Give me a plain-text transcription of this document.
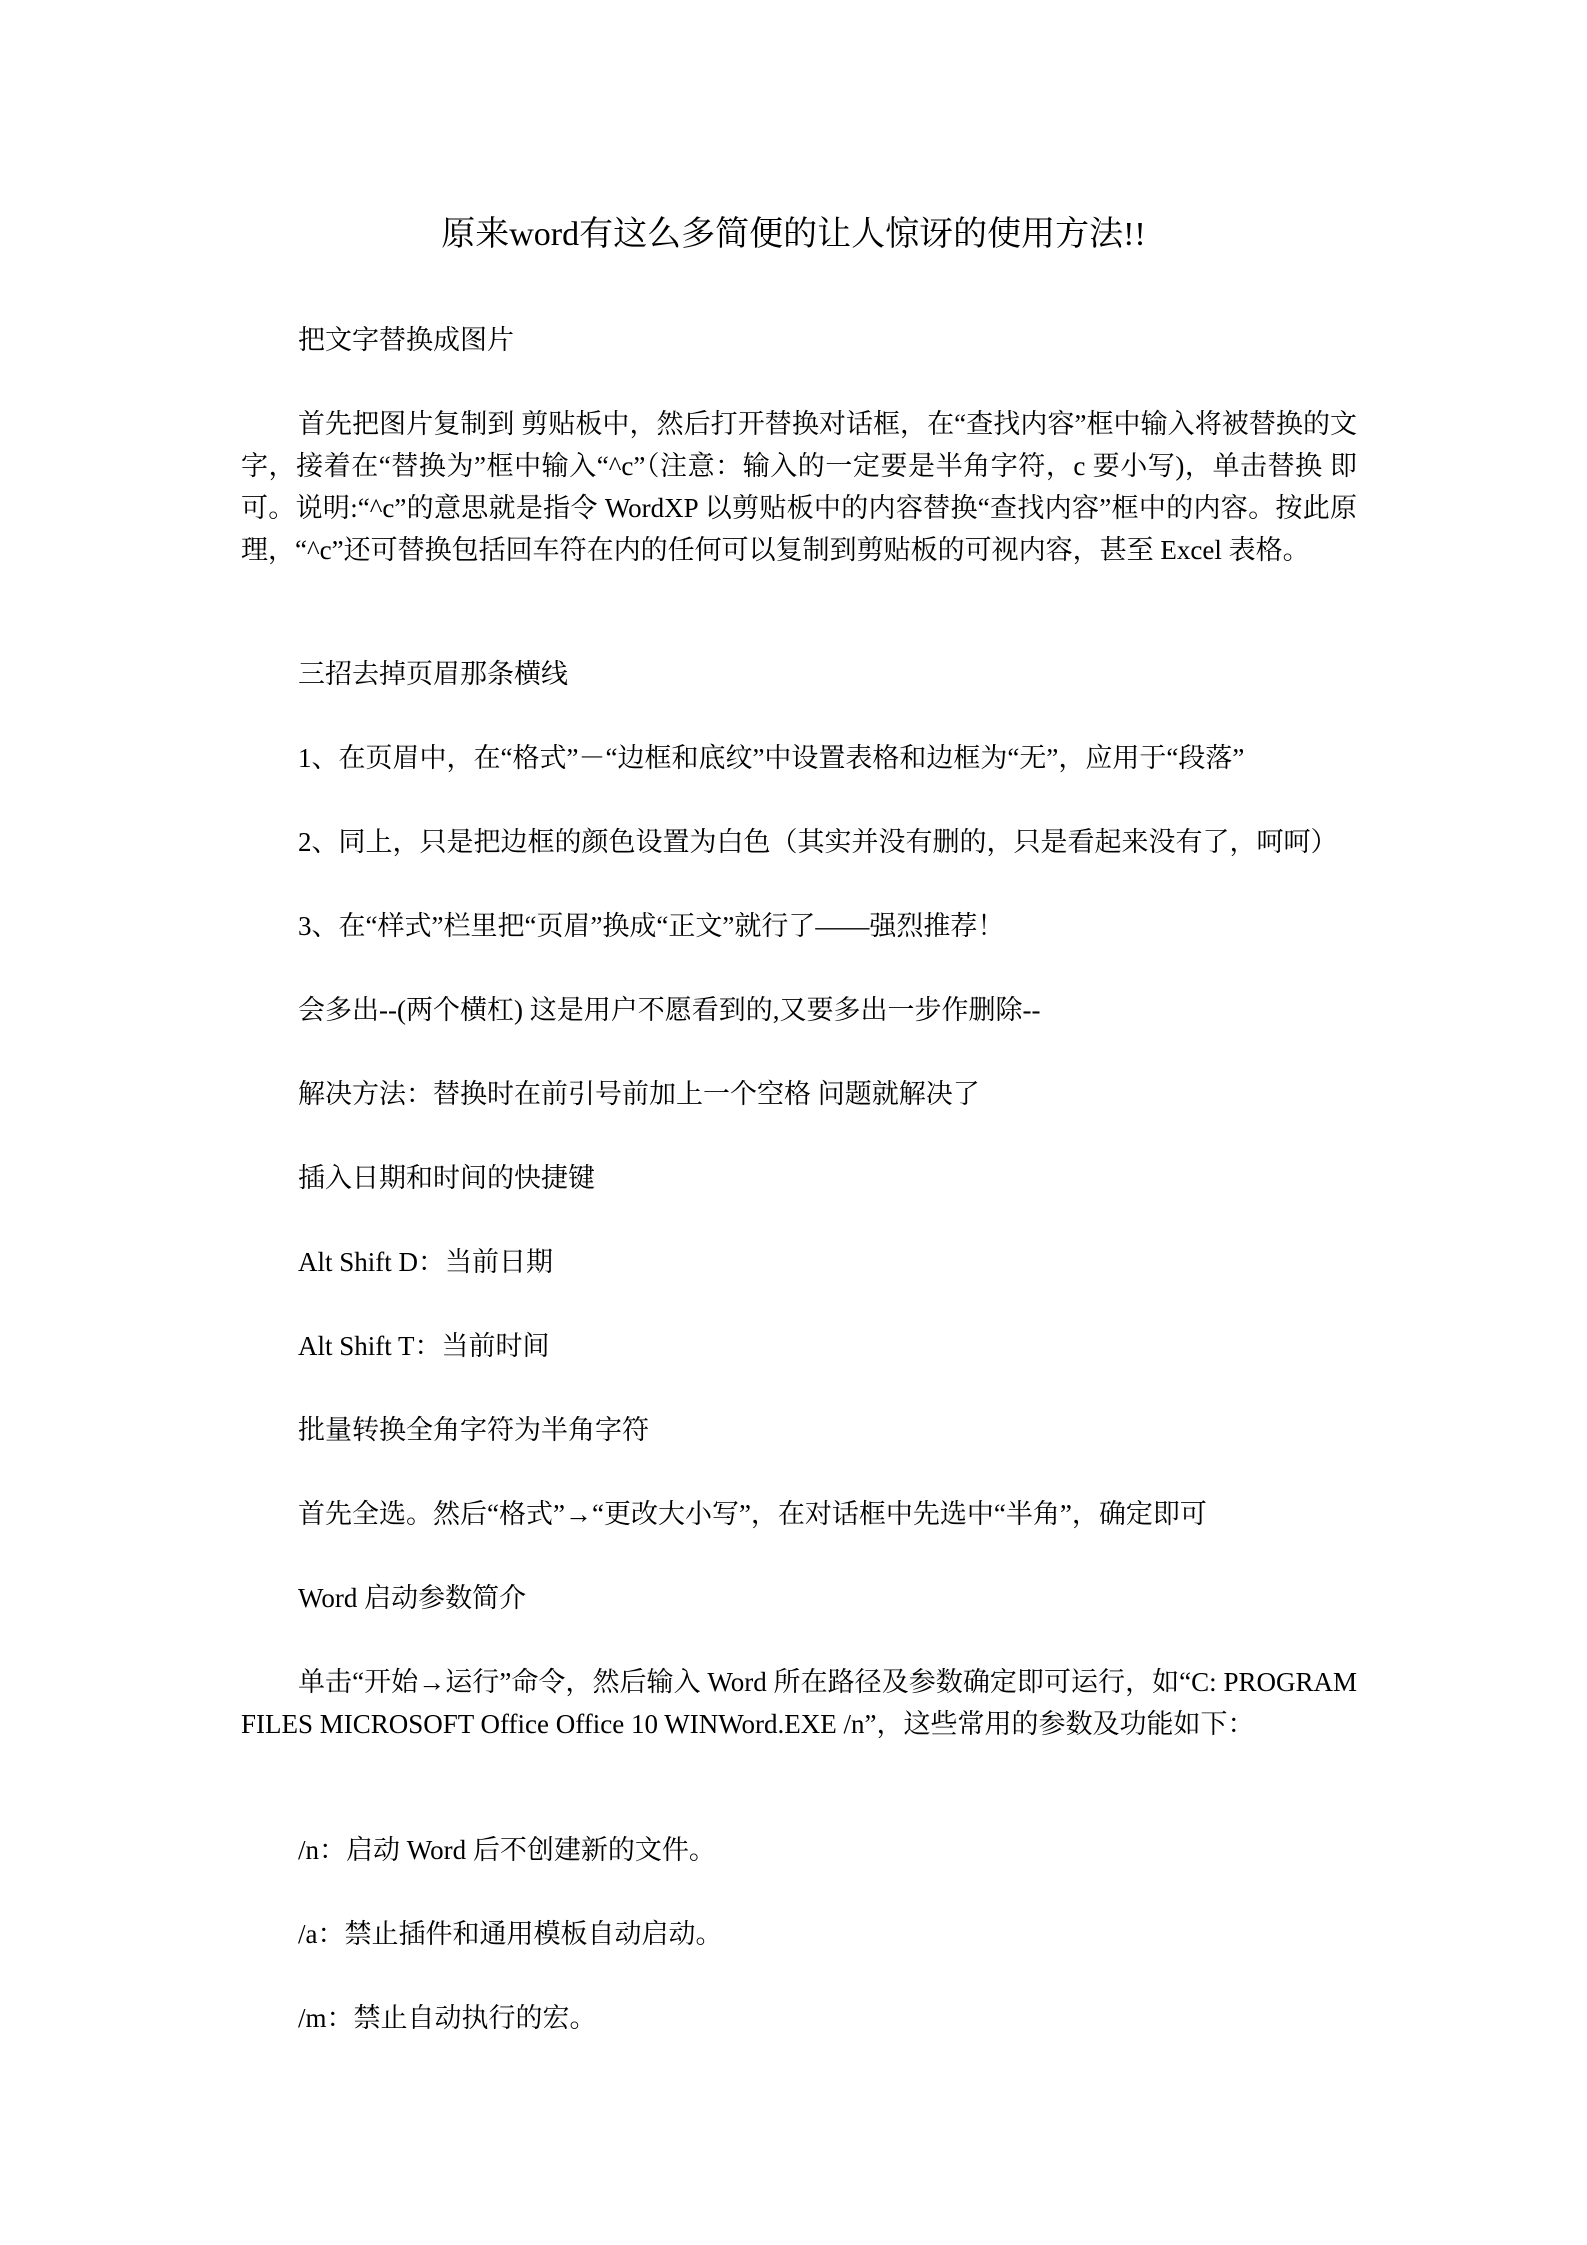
原来word有这么多简便的让人惊讶的使用方法!!

把文字替换成图片

首先把图片复制到 剪贴板中，然后打开替换对话框，在“查找内容”框中输入将被替换的文字，接着在“替换为”框中输入“^c”（注意：输入的一定要是半角字符，c 要小写)，单击替换 即可。说明:“^c”的意思就是指令 WordXP 以剪贴板中的内容替换“查找内容”框中的内容。按此原理，“^c”还可替换包括回车符在内的任何可以复制到剪贴板的可视内容，甚至 Excel 表格。

三招去掉页眉那条横线

1、在页眉中，在“格式”－“边框和底纹”中设置表格和边框为“无”，应用于“段落”

2、同上，只是把边框的颜色设置为白色（其实并没有删的，只是看起来没有了，呵呵）

3、在“样式”栏里把“页眉”换成“正文”就行了——强烈推荐！

会多出--(两个横杠) 这是用户不愿看到的,又要多出一步作删除--

解决方法：替换时在前引号前加上一个空格 问题就解决了

插入日期和时间的快捷键

Alt Shift D：当前日期

Alt Shift T：当前时间

批量转换全角字符为半角字符

首先全选。然后“格式”→“更改大小写”，在对话框中先选中“半角”，确定即可

Word 启动参数简介

单击“开始→运行”命令，然后输入 Word 所在路径及参数确定即可运行，如“C: PROGRAM FILES MICROSOFT Office Office 10 WINWord.EXE /n”，这些常用的参数及功能如下：

/n：启动 Word 后不创建新的文件。

/a：禁止插件和通用模板自动启动。

/m：禁止自动执行的宏。
